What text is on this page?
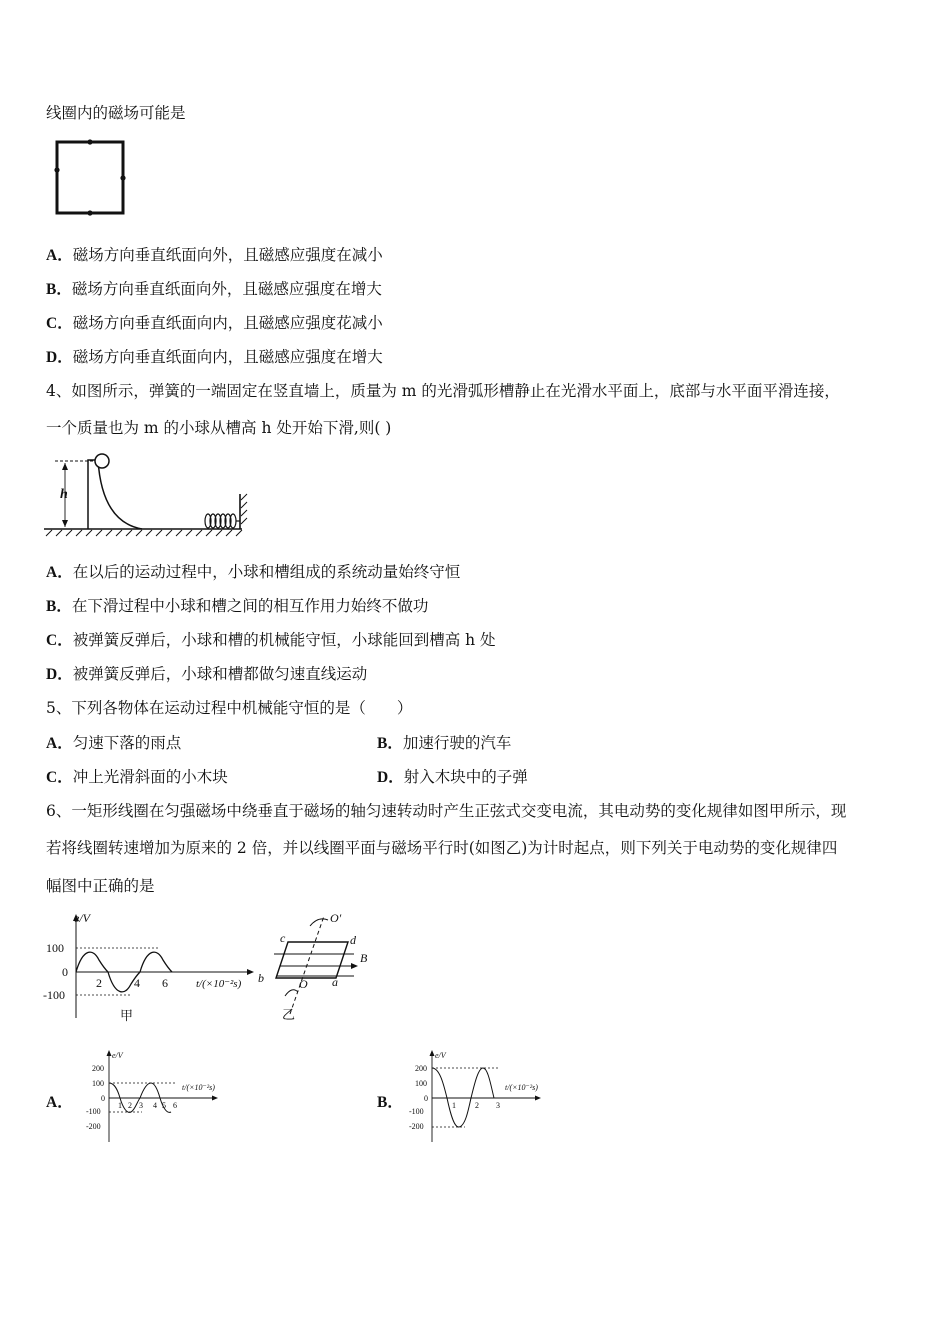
线圈内的磁场可能是
A．磁场方向垂直纸面向外，且磁感应强度在减小
B．磁场方向垂直纸面向外，且磁感应强度在增大
C．磁场方向垂直纸面向内，且磁感应强度花减小
D．磁场方向垂直纸面向内，且磁感应强度在增大
4、如图所示，弹簧的一端固定在竖直墙上，质量为 m 的光滑弧形槽静止在光滑水平面上，底部与水平面平滑连接，
一个质量也为 m 的小球从槽高 h 处开始下滑,则( )
h
A．在以后的运动过程中，小球和槽组成的系统动量始终守恒
B．在下滑过程中小球和槽之间的相互作用力始终不做功
C．被弹簧反弹后，小球和槽的机械能守恒，小球能回到槽高 h 处
D．被弹簧反弹后，小球和槽都做匀速直线运动
5、下列各物体在运动过程中机械能守恒的是（　　）
A．匀速下落的雨点	B．加速行驶的汽车
C．冲上光滑斜面的小木块	D．射入木块中的子弹
6、一矩形线圈在匀强磁场中绕垂直于磁场的轴匀速转动时产生正弦式交变电流，其电动势的变化规律如图甲所示，现
若将线圈转速增加为原来的 2 倍，并以线圈平面与磁场平行时(如图乙)为计时起点，则下列关于电动势的变化规律四
幅图中正确的是
e/V
100
0
-100
2	4 6	t/(×10⁻²s)
甲
c	d
b	a
B
O
O′
乙
A．
e/V
200
100
0
-100
-200
1 2 3 4 5 6
t/(×10⁻²s)
B．
e/V
200
100
0
-100
-200
1 2 3
t/(×10⁻²s)
